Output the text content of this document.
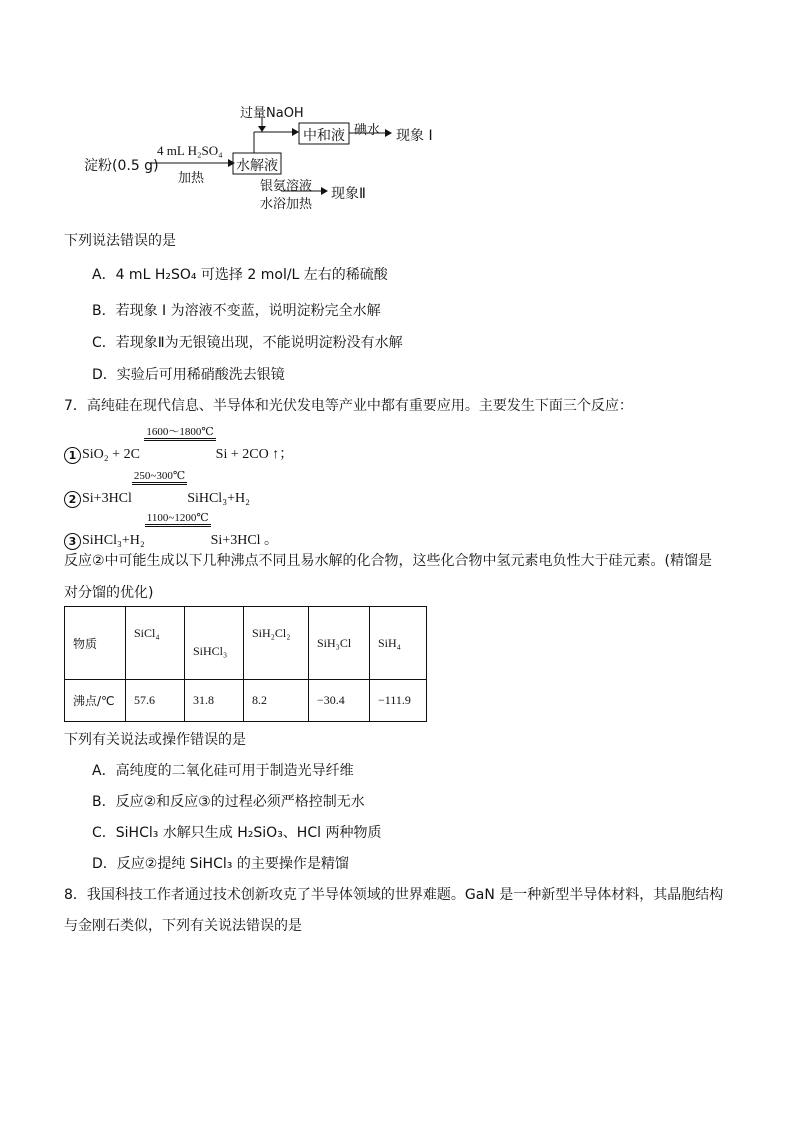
淀粉(0.5 g)
4 mL H₂SO₄
加热
水解液
过量NaOH
中和液 碘水 现象 I
银氨溶液
水浴加热
现象Ⅱ
下列说法错误的是
A．4 mL H₂SO₄ 可选择 2 mol/L 左右的稀硫酸
B．若现象 I 为溶液不变蓝，说明淀粉完全水解
C．若现象Ⅱ为无银镜出现，不能说明淀粉没有水解
D．实验后可用稀硝酸洗去银镜
7．高纯硅在现代信息、半导体和光伏发电等产业中都有重要应用。主要发生下面三个反应：
1 SiO₂ + 2C
1600～1800℃

Si + 2CO ↑；
2 Si+3HCl
250~300℃

SiHCl₃+H₂
3 SiHCl₃+H₂
1100~1200℃

Si+3HCl 。
反应②中可能生成以下几种沸点不同且易水解的化合物，这些化合物中氢元素电负性大于硅元素。(精馏是
对分馏的优化)
物质	SiCl₄	SiHCl₃	SiH₂Cl₂	SiH₃Cl	SiH₄
沸点/℃	57.6	31.8	8.2	−30.4	−111.9
下列有关说法或操作错误的是
A．高纯度的二氧化硅可用于制造光导纤维
B．反应②和反应③的过程必须严格控制无水
C．SiHCl₃ 水解只生成 H₂SiO₃、HCl 两种物质
D．反应②提纯 SiHCl₃ 的主要操作是精馏
8．我国科技工作者通过技术创新攻克了半导体领域的世界难题。GaN 是一种新型半导体材料，其晶胞结构
与金刚石类似，下列有关说法错误的是
